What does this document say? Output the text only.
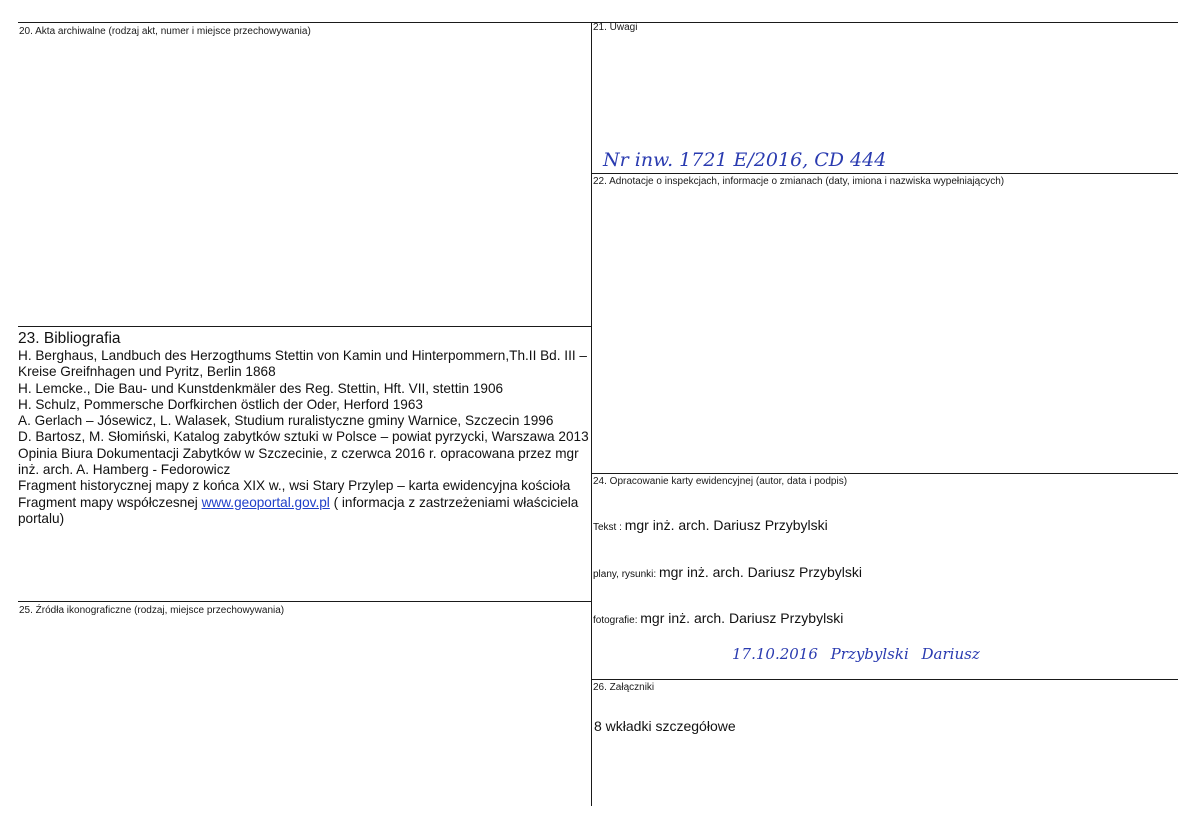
20. Akta archiwalne (rodzaj akt, numer i miejsce przechowywania)	21. Uwagi
22. Adnotacje o inspekcjach, informacje o zmianach (daty, imiona i nazwiska wypełniających)
24. Opracowanie karty ewidencyjnej (autor, data i podpis)
25. Źródła ikonograficzne (rodzaj, miejsce przechowywania)
26. Załączniki
Nr inw. 1721 E/2016, CD 444
23. Bibliografia
H. Berghaus, Landbuch des Herzogthums Stettin von Kamin und Hinterpommern,Th.II Bd. III – Kreise Greifnhagen und Pyritz, Berlin 1868
H. Lemcke., Die Bau- und Kunstdenkmäler des Reg. Stettin, Hft. VII, stettin 1906
H. Schulz, Pommersche Dorfkirchen östlich der Oder, Herford 1963
A. Gerlach – Jósewicz, L. Walasek, Studium ruralistyczne gminy Warnice, Szczecin 1996
D. Bartosz, M. Słomiński, Katalog zabytków sztuki w Polsce – powiat pyrzycki, Warszawa 2013
Opinia Biura Dokumentacji Zabytków w Szczecinie, z czerwca 2016 r. opracowana przez mgr inż. arch. A. Hamberg - Fedorowicz
Fragment historycznej mapy z końca XIX w., wsi Stary Przylep – karta ewidencyjna kościoła
Fragment mapy współczesnej www.geoportal.gov.pl ( informacja z zastrzeżeniami właściciela portalu)
Tekst : mgr inż. arch. Dariusz Przybylski
plany, rysunki: mgr inż. arch. Dariusz Przybylski
fotografie: mgr inż. arch. Dariusz Przybylski
17.10.2016 Przybylski Dariusz
8 wkładki szczegółowe
